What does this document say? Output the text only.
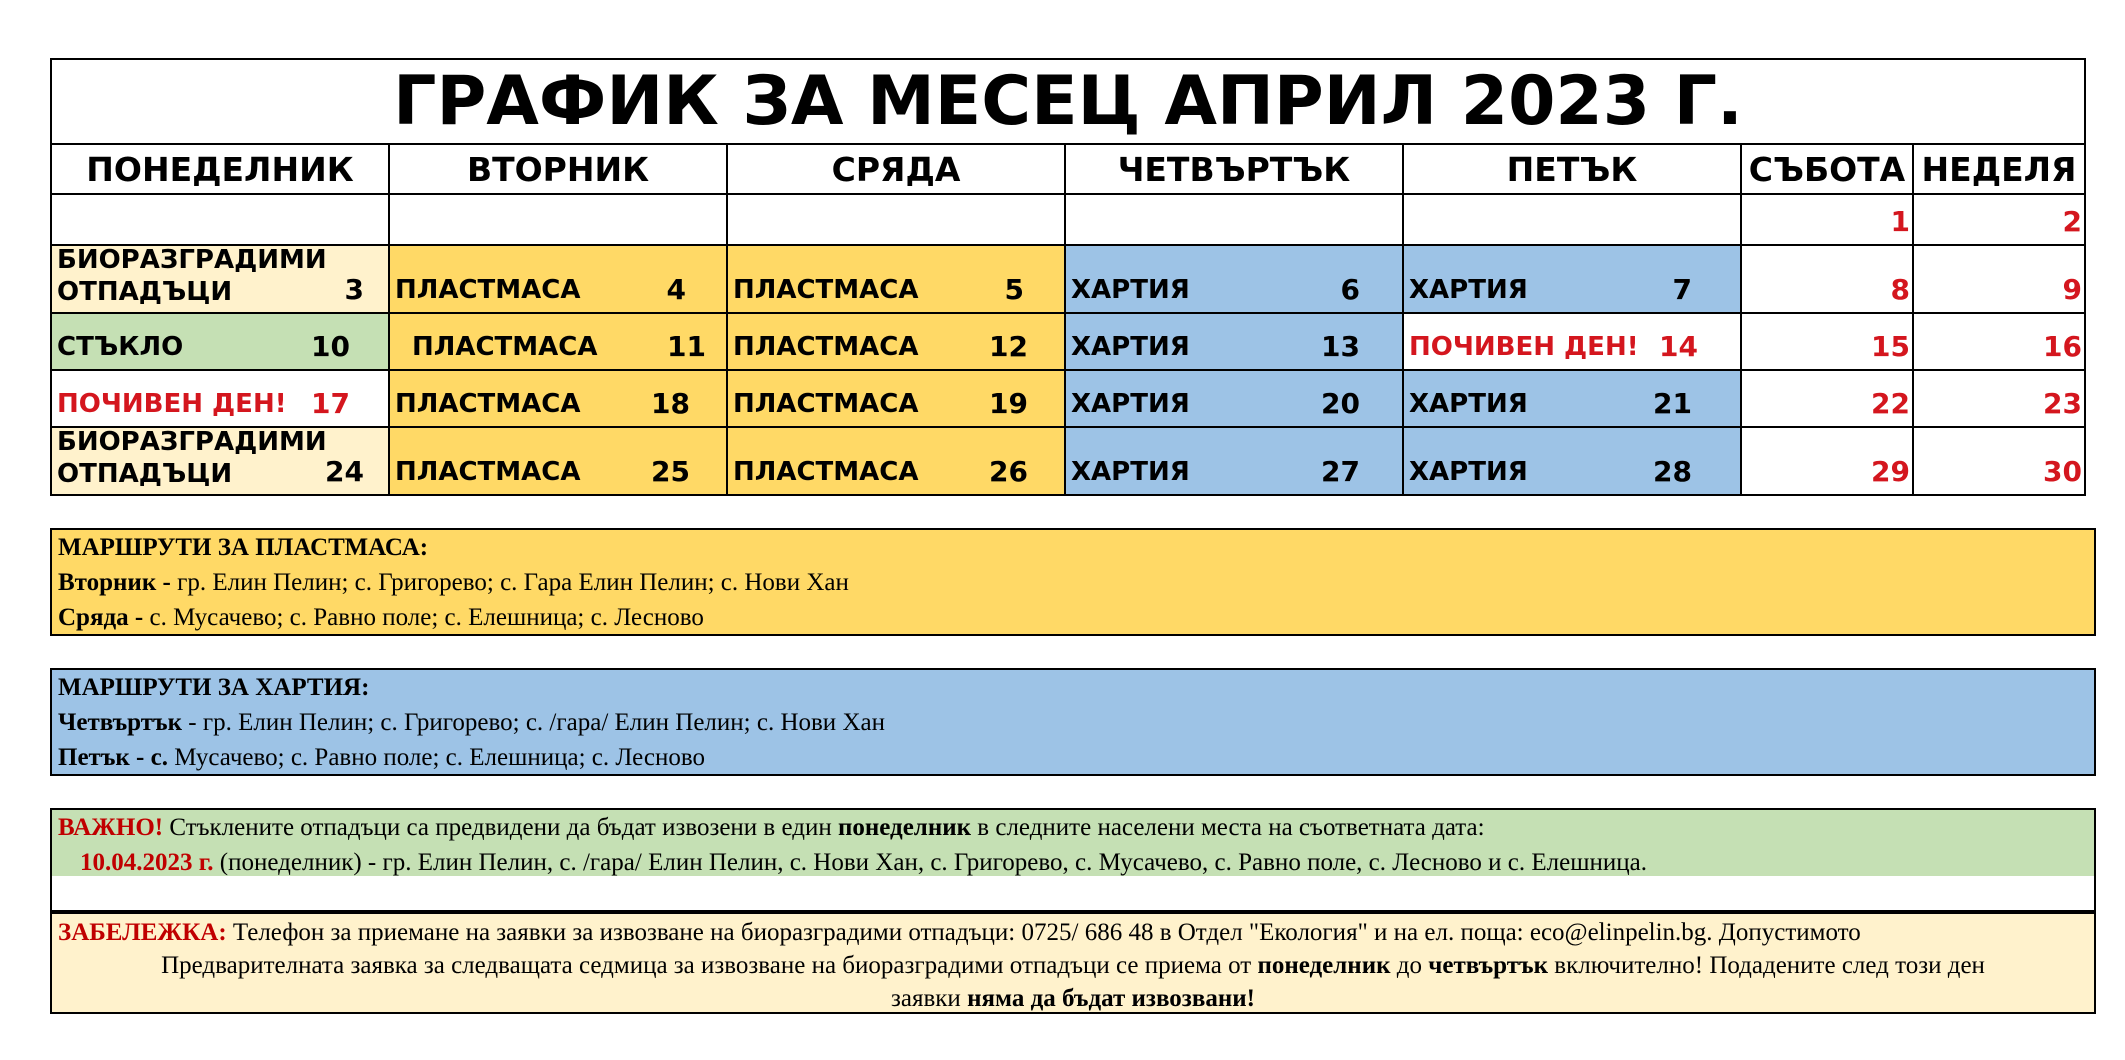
ГРАФИК ЗА МЕСЕЦ АПРИЛ 2023 Г.						
ПОНЕДЕЛНИК	ВТОРНИК	СРЯДА	ЧЕТВЪРТЪК	ПЕТЪК	СЪБОТА	НЕДЕЛЯ

					1	2

БИОРАЗГРАДИМИ ОТПАДЪЦИ 3	ПЛАСТМАСА 4	ПЛАСТМАСА 5	ХАРТИЯ 6	ХАРТИЯ 7	8	9

СТЪКЛО 10	ПЛАСТМАСА 11	ПЛАСТМАСА 12	ХАРТИЯ 13	ПОЧИВЕН ДЕН! 14	15	16

ПОЧИВЕН ДЕН! 17	ПЛАСТМАСА 18	ПЛАСТМАСА 19	ХАРТИЯ 20	ХАРТИЯ 21	22	23

БИОРАЗГРАДИМИ ОТПАДЪЦИ 24	ПЛАСТМАСА 25	ПЛАСТМАСА 26	ХАРТИЯ 27	ХАРТИЯ 28	29	30
МАРШРУТИ ЗА ПЛАСТМАСА:
Вторник - гр. Елин Пелин; с. Григорево; с. Гара Елин Пелин; с. Нови Хан
Сряда - с. Мусачево; с. Равно поле; с. Елешница; с. Лесново
МАРШРУТИ ЗА ХАРТИЯ:
Четвъртък - гр. Елин Пелин; с. Григорево; с. /гара/ Елин Пелин; с. Нови Хан
Петък - с. Мусачево; с. Равно поле; с. Елешница; с. Лесново
ВАЖНО! Стъклените отпадъци са предвидени да бъдат извозени в един понеделник в следните населени места на съответната дата:
10.04.2023 г. (понеделник) - гр. Елин Пелин, с. /гара/ Елин Пелин, с. Нови Хан, с. Григорево, с. Мусачево, с. Равно поле, с. Лесново и с. Елешница.
ЗАБЕЛЕЖКА: Телефон за приемане на заявки за извозване на биоразградими отпадъци: 0725/ 686 48 в Отдел "Екология" и на ел. поща: eco@elinpelin.bg. Допустимото
Предварителната заявка за следващата седмица за извозване на биоразградими отпадъци се приема от понеделник до четвъртък включително! Подадените след този ден
заявки няма да бъдат извозвани!
